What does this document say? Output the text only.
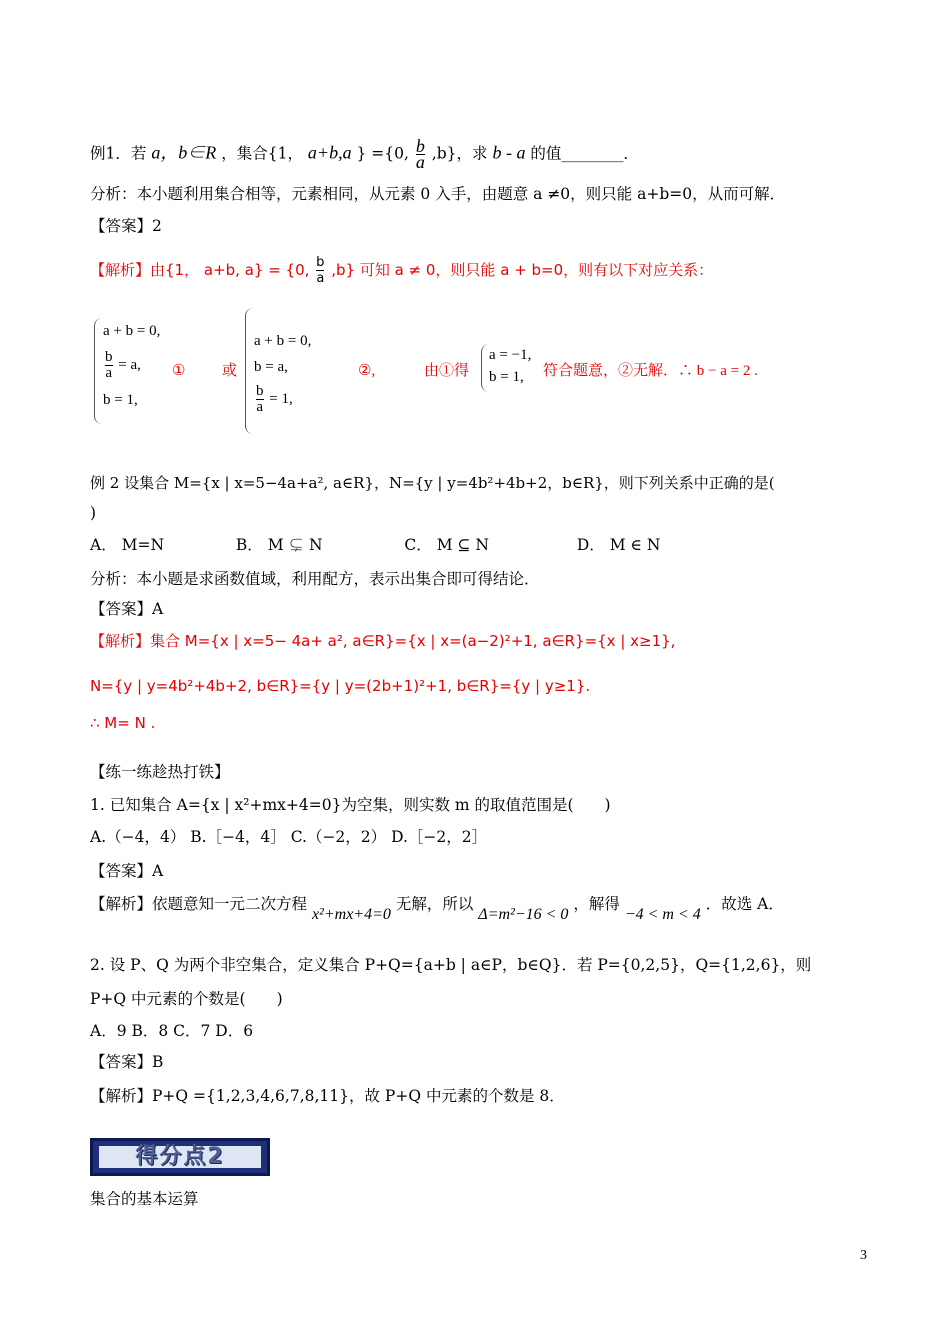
例1．若 a，b∈R ，集合{1， a+b,a } ={0, $\frac{b}{a} ,b$}，求 b - a 的值________．
分析：本小题利用集合相等，元素相同，从元素 0 入手，由题意 a ≠0，则只能 a+b=0，从而可解．
【答案】2
【解析】由{1， a+b, a} = {0, $\frac{b}{a} ,b$} 可知 a ≠ 0，则只能 a + b=0，则有以下对应关系：
a + b = 0,
$\frac{b}{a} = a$,
b = 1,
① 或
a + b = 0,
b = a,
$\frac{b}{a} = 1$,
②,	由①得
a = −1,
b = 1,	符合题意，②无解．∴ b − a = 2 .
例 2 设集合 M={x | x=5−4a+a², a∈R}，N={y | y=4b²+4b+2，b∈R}，则下列关系中正确的是(
)
A． M=N	B． M ⊊ N	C． M ⊆ N	D． M ∈ N
分析：本小题是求函数值域，利用配方，表示出集合即可得结论．
【答案】A
【解析】集合 M={x | x=5− 4a+ a², a∈R}={x | x=(a−2)²+1, a∈R}={x | x≥1},
N={y | y=4b²+4b+2, b∈R}={y | y=(2b+1)²+1, b∈R}={y | y≥1}.
∴ M= N .
【练一练趁热打铁】
1. 已知集合 A={x | x²+mx+4=0}为空集，则实数 m 的取值范围是(　　)
A.（−4，4） B.［−4，4］ C.（−2，2） D.［−2，2］
【答案】A
【解析】依题意知一元二次方程 x²+mx+4=0 无解，所以 Δ=m²−16 < 0 ，解得 −4 < m < 4 ．故选 A．
2. 设 P、Q 为两个非空集合，定义集合 P+Q={a+b | a∈P，b∈Q}．若 P={0,2,5}，Q={1,2,6}，则
P+Q 中元素的个数是(　　)
A．9 B．8 C．7 D．6
【答案】B
【解析】P+Q ={1,2,3,4,6,7,8,11}，故 P+Q 中元素的个数是 8．
得分点2
集合的基本运算
3
